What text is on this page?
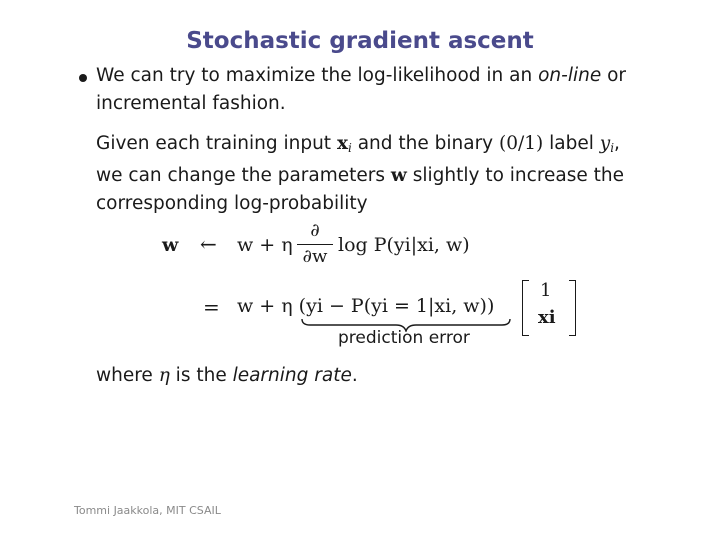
Stochastic gradient ascent
We can try to maximize the log-likelihood in an on-line or
incremental fashion.
Given each training input $x_i$ and the binary (0/1) label $y_i$,
we can change the parameters w slightly to increase the
corresponding log-probability
w ← w + η
∂
∂w
log P(yi|xi, w)
= w + η (yi − P(yi = 1|xi, w))
prediction error
1
xi
where η is the learning rate.
Tommi Jaakkola, MIT CSAIL
